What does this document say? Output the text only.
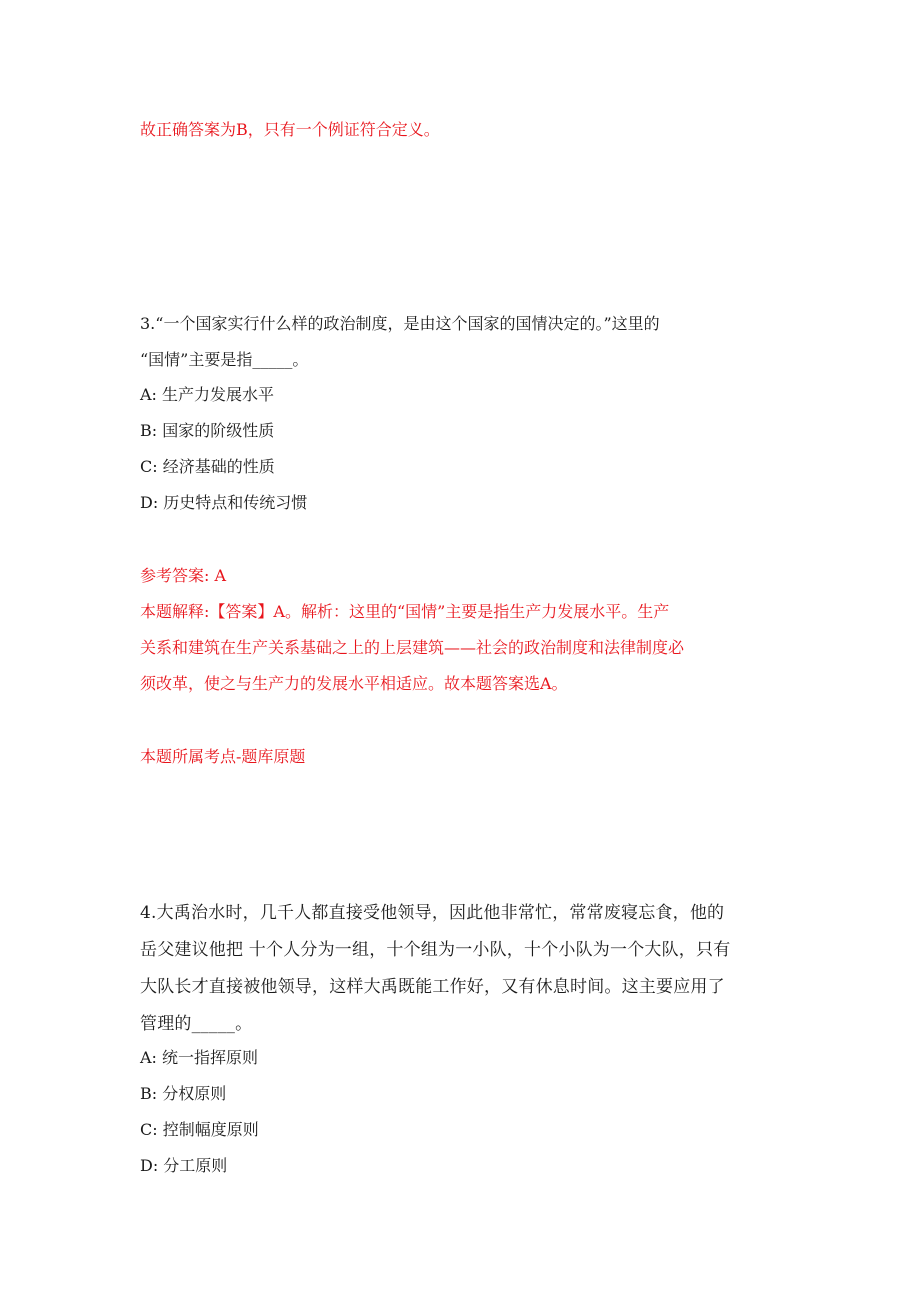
故正确答案为B，只有一个例证符合定义。
3.“一个国家实行什么样的政治制度，是由这个国家的国情决定的。”这里的
“国情”主要是指_____。
A: 生产力发展水平
B: 国家的阶级性质
C: 经济基础的性质
D: 历史特点和传统习惯
参考答案: A
本题解释:【答案】A。解析：这里的“国情”主要是指生产力发展水平。生产
关系和建筑在生产关系基础之上的上层建筑——社会的政治制度和法律制度必
须改革，使之与生产力的发展水平相适应。故本题答案选A。
本题所属考点-题库原题
4.大禹治水时，几千人都直接受他领导，因此他非常忙，常常废寝忘食，他的
岳父建议他把 十个人分为一组，十个组为一小队，十个小队为一个大队，只有
大队长才直接被他领导，这样大禹既能工作好，又有休息时间。这主要应用了
管理的_____。
A: 统一指挥原则
B: 分权原则
C: 控制幅度原则
D: 分工原则
